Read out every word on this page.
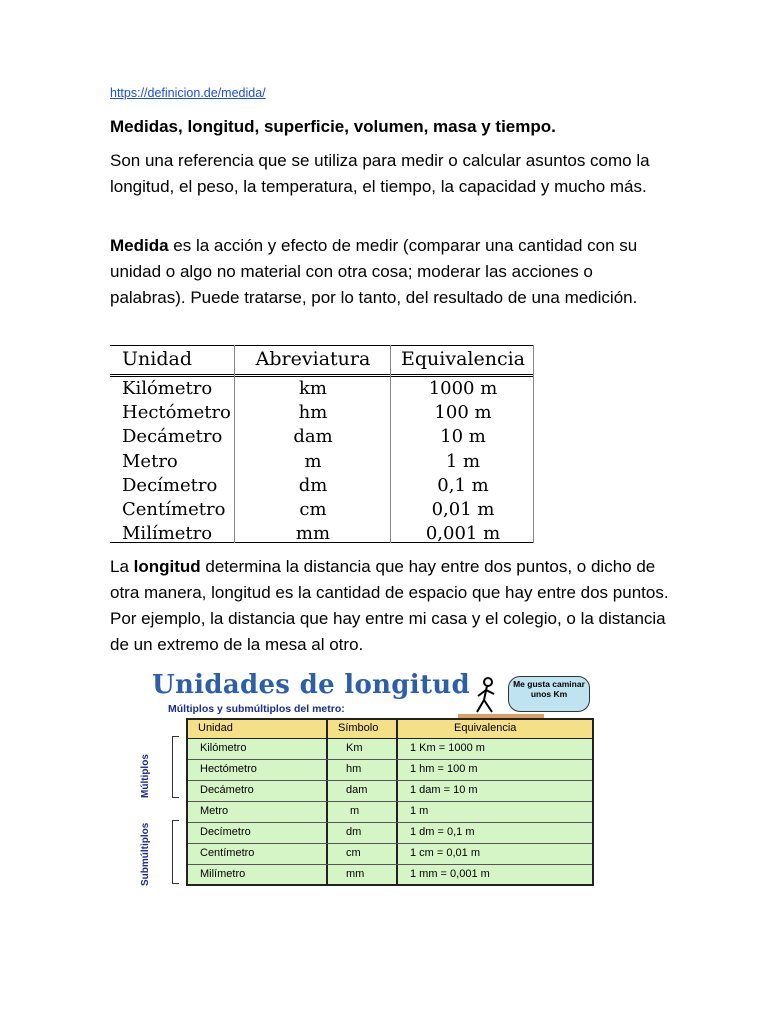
https://definicion.de/medida/
Medidas, longitud, superficie, volumen, masa y tiempo.

Son una referencia que se utiliza para medir o calcular asuntos como la longitud, el peso, la temperatura, el tiempo, la capacidad y mucho más.

Medida es la acción y efecto de medir (comparar una cantidad con su unidad o algo no material con otra cosa; moderar las acciones o palabras). Puede tratarse, por lo tanto, del resultado de una medición.

Unidad	Abreviatura	Equivalencia
Kilómetro	km	1000 m
Hectómetro	hm	100 m
Decámetro	dam	10 m
Metro	m	1 m
Decímetro	dm	0,1 m
Centímetro	cm	0,01 m
Milímetro	mm	0,001 m

La longitud determina la distancia que hay entre dos puntos, o dicho de otra manera, longitud es la cantidad de espacio que hay entre dos puntos. Por ejemplo, la distancia que hay entre mi casa y el colegio, o la distancia de un extremo de la mesa al otro.

Unidades de longitud
Múltiplos y submúltiplos del metro:
Me gusta caminar unos Km
Múltiplos
Submúltiplos
Unidad	Símbolo	Equivalencia
Kilómetro	Km	1 Km = 1000 m
Hectómetro	hm	1 hm = 100 m
Decámetro	dam	1 dam = 10 m
Metro	m	1 m
Decímetro	dm	1 dm = 0,1 m
Centímetro	cm	1 cm = 0,01 m
Milímetro	mm	1 mm = 0,001 m
